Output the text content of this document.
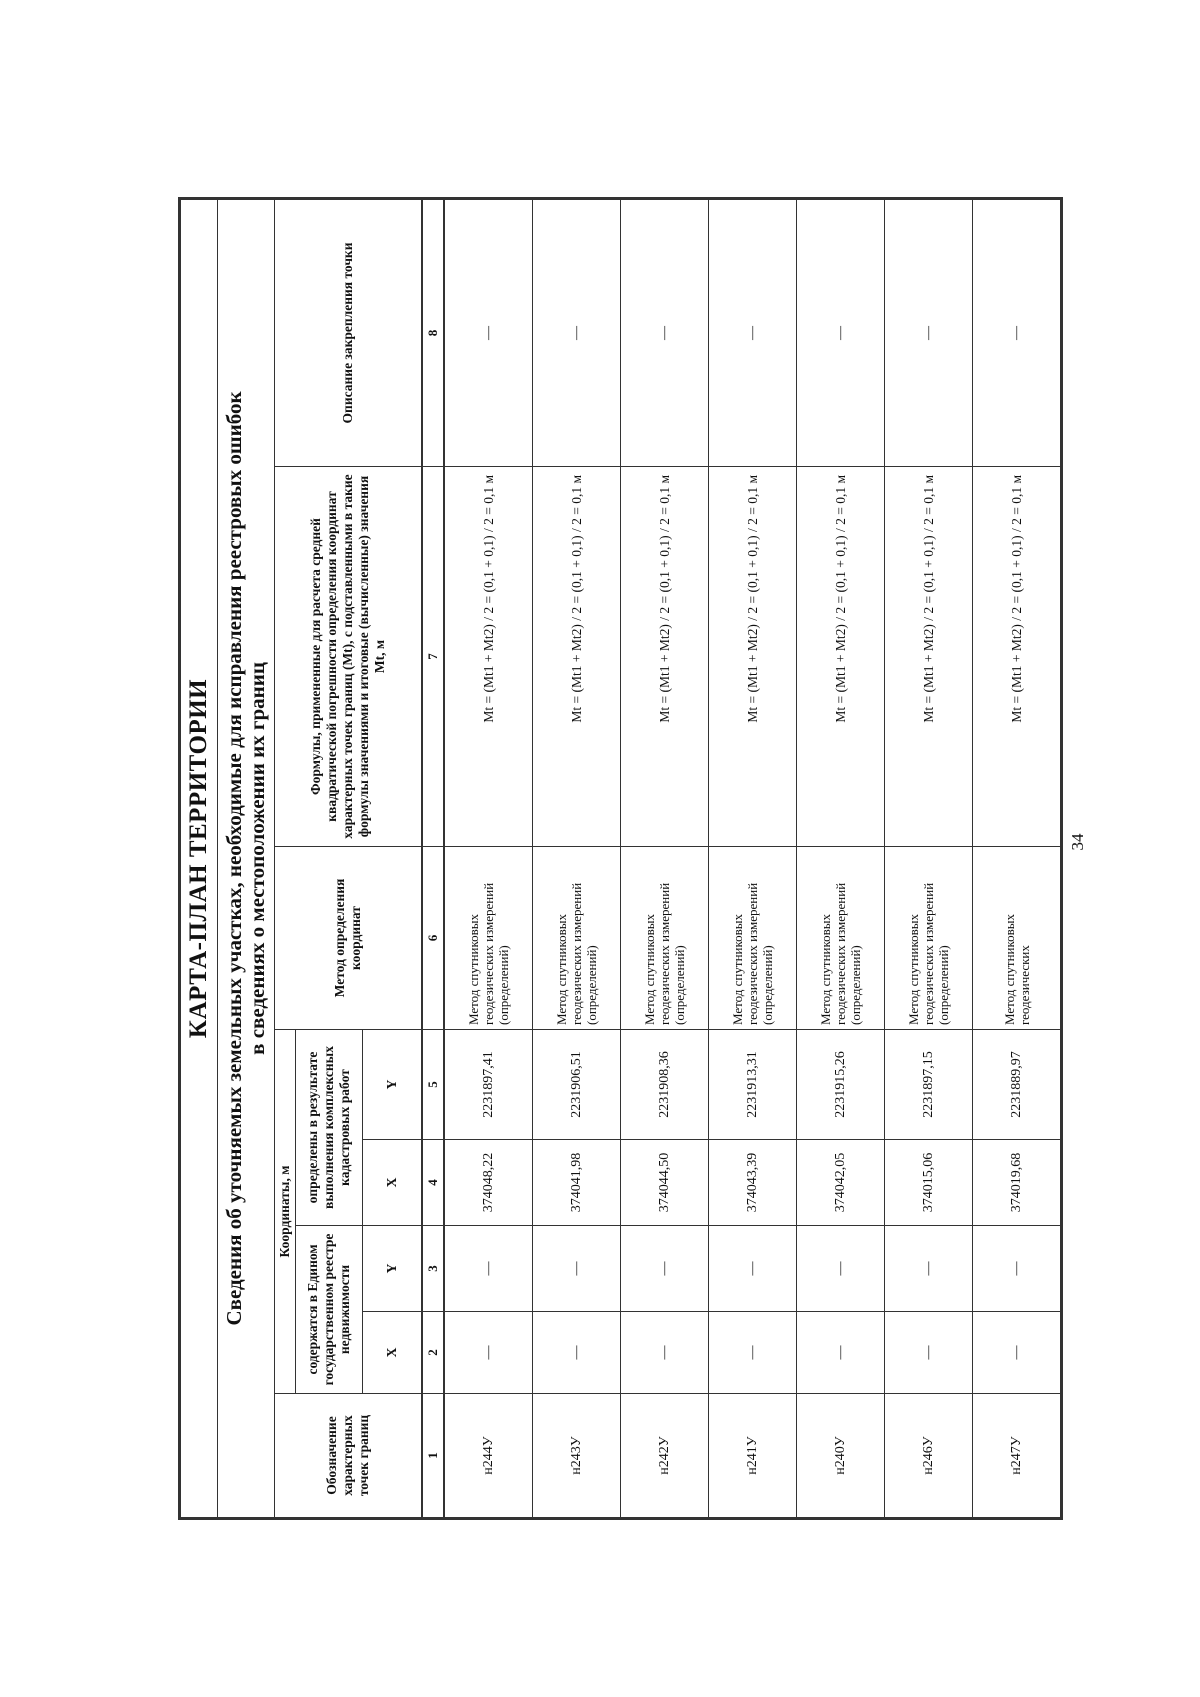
34
КАРТА-ПЛАН ТЕРРИТОРИИ							

Сведения об уточняемых земельных участках, необходимые для исправления реестровых ошибок в сведениях о местоположении их границ							

Обозначение характерных точек границ	Координаты, м				Метод определения координат	Формулы, примененные для расчета средней квадратической погрешности определения координат характерных точек границ (Mt), с подставленными в такие формулы значениями и итоговые (вычисленные) значения Mt, м	Описание закрепления точки
	содержатся в Едином государственном реестре недвижимости		определены в результате выполнения комплексных кадастровых работ				
	X	Y	X	Y			
1	2	3	4	5	6	7	8
н244У	—	—	374048,22	2231897,41	Метод спутниковых геодезических измерений (определений)	Mt = (Mt1 + Mt2) / 2 = (0,1 + 0,1) / 2 = 0,1 м	—
н243У	—	—	374041,98	2231906,51	Метод спутниковых геодезических измерений (определений)	Mt = (Mt1 + Mt2) / 2 = (0,1 + 0,1) / 2 = 0,1 м	—
н242У	—	—	374044,50	2231908,36	Метод спутниковых геодезических измерений (определений)	Mt = (Mt1 + Mt2) / 2 = (0,1 + 0,1) / 2 = 0,1 м	—
н241У	—	—	374043,39	2231913,31	Метод спутниковых геодезических измерений (определений)	Mt = (Mt1 + Mt2) / 2 = (0,1 + 0,1) / 2 = 0,1 м	—
н240У	—	—	374042,05	2231915,26	Метод спутниковых геодезических измерений (определений)	Mt = (Mt1 + Mt2) / 2 = (0,1 + 0,1) / 2 = 0,1 м	—
н246У	—	—	374015,06	2231897,15	Метод спутниковых геодезических измерений (определений)	Mt = (Mt1 + Mt2) / 2 = (0,1 + 0,1) / 2 = 0,1 м	—
н247У	—	—	374019,68	2231889,97	Метод спутниковых геодезических	Mt = (Mt1 + Mt2) / 2 = (0,1 + 0,1) / 2 = 0,1 м	—
